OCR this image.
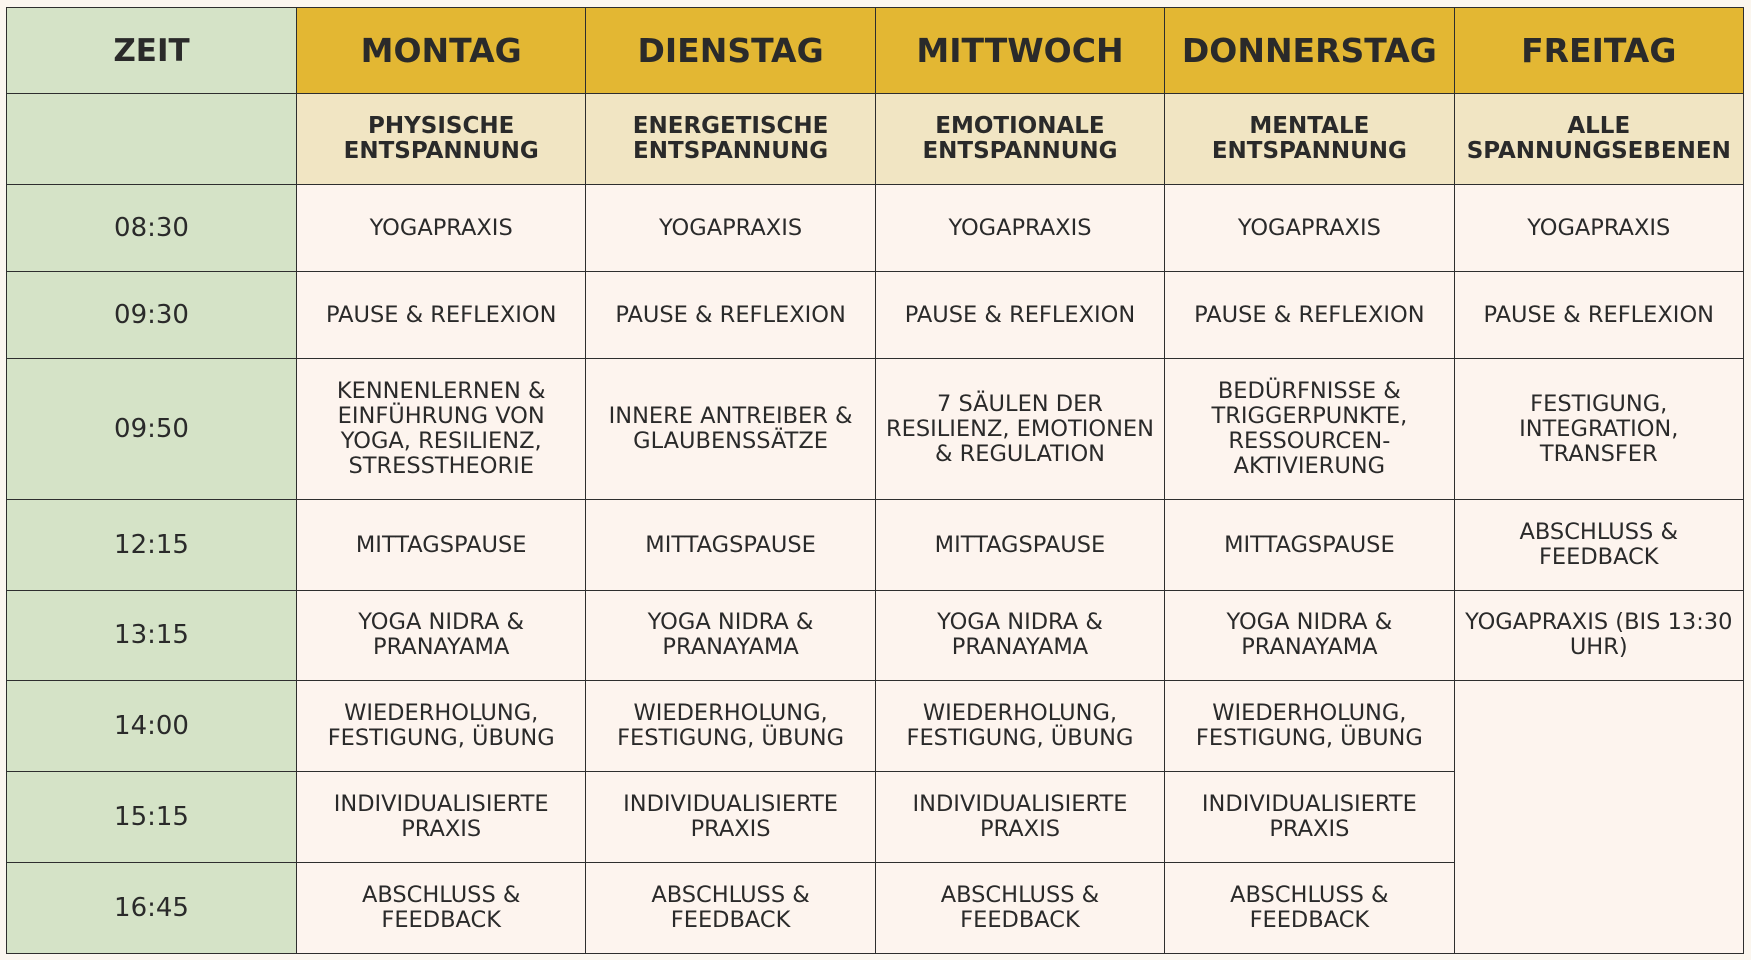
ZEIT	MONTAG	DIENSTAG	MITTWOCH	DONNERSTAG	FREITAG
	PHYSISCHE ENTSPANNUNG	ENERGETISCHE ENTSPANNUNG	EMOTIONALE ENTSPANNUNG	MENTALE ENTSPANNUNG	ALLE SPANNUNGSEBENEN
08:30	YOGAPRAXIS	YOGAPRAXIS	YOGAPRAXIS	YOGAPRAXIS	YOGAPRAXIS
09:30	PAUSE & REFLEXION	PAUSE & REFLEXION	PAUSE & REFLEXION	PAUSE & REFLEXION	PAUSE & REFLEXION
09:50	KENNENLERNEN & EINFÜHRUNG VON YOGA, RESILIENZ, STRESSTHEORIE	INNERE ANTREIBER & GLAUBENSSÄTZE	7 SÄULEN DER RESILIENZ, EMOTIONEN & REGULATION	BEDÜRFNISSE & TRIGGERPUNKTE, RESSOURCEN-AKTIVIERUNG	FESTIGUNG, INTEGRATION, TRANSFER
12:15	MITTAGSPAUSE	MITTAGSPAUSE	MITTAGSPAUSE	MITTAGSPAUSE	ABSCHLUSS & FEEDBACK
13:15	YOGA NIDRA & PRANAYAMA	YOGA NIDRA & PRANAYAMA	YOGA NIDRA & PRANAYAMA	YOGA NIDRA & PRANAYAMA	YOGAPRAXIS (BIS 13:30 UHR)
14:00	WIEDERHOLUNG, FESTIGUNG, ÜBUNG	WIEDERHOLUNG, FESTIGUNG, ÜBUNG	WIEDERHOLUNG, FESTIGUNG, ÜBUNG	WIEDERHOLUNG, FESTIGUNG, ÜBUNG	
15:15	INDIVIDUALISIERTE PRAXIS	INDIVIDUALISIERTE PRAXIS	INDIVIDUALISIERTE PRAXIS	INDIVIDUALISIERTE PRAXIS	
16:45	ABSCHLUSS & FEEDBACK	ABSCHLUSS & FEEDBACK	ABSCHLUSS & FEEDBACK	ABSCHLUSS & FEEDBACK	
